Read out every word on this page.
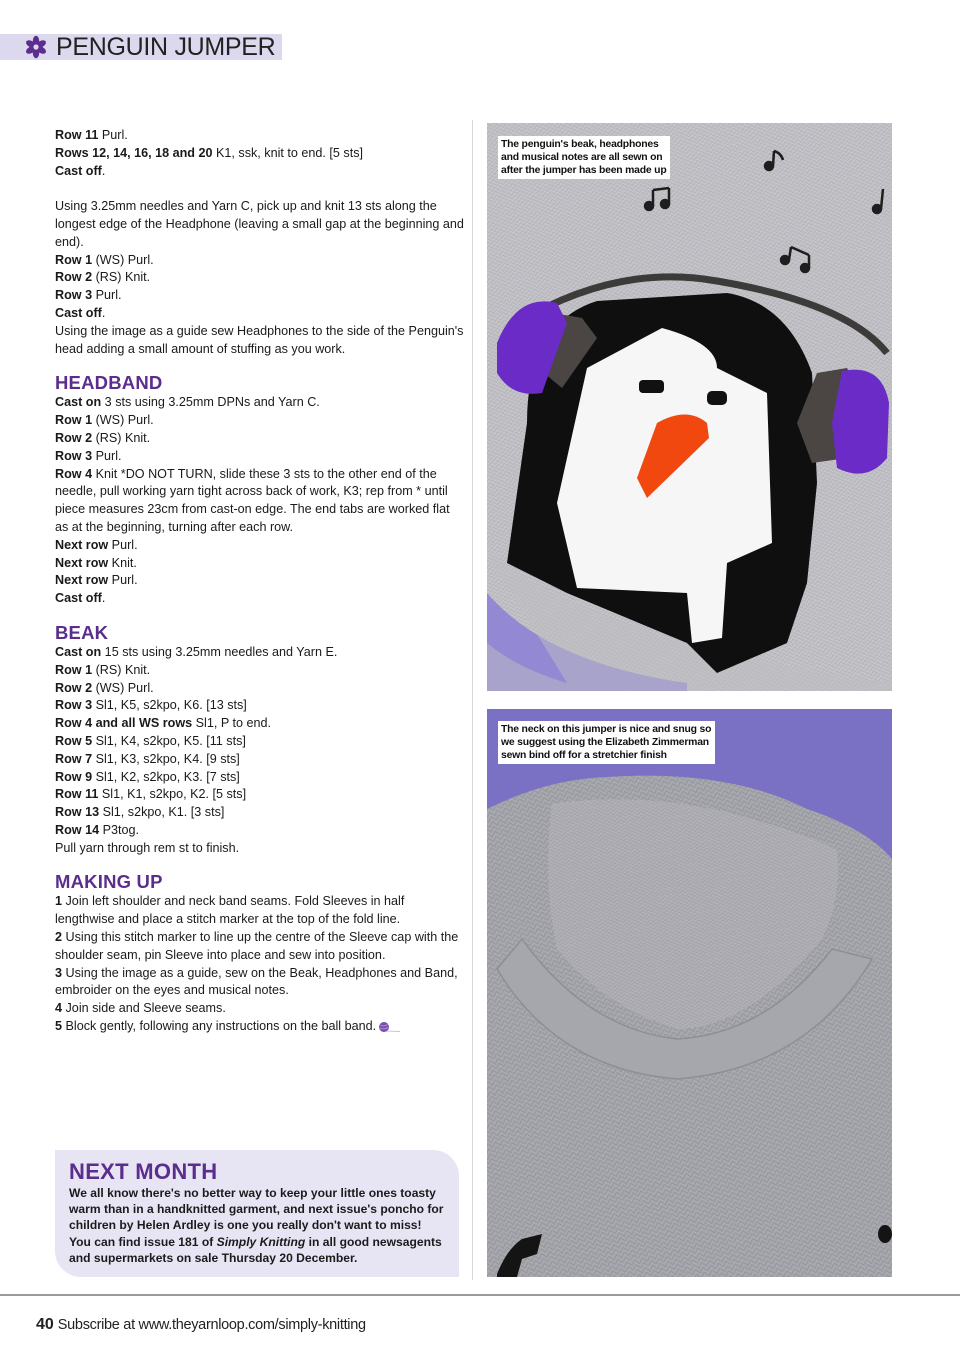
PENGUIN JUMPER

Row 11 Purl.

Rows 12, 14, 16, 18 and 20 K1, ssk, knit to end. [5 sts]

Cast off.

Using 3.25mm needles and Yarn C, pick up and knit 13 sts along the longest edge of the Headphone (leaving a small gap at the beginning and end).

Row 1 (WS) Purl.

Row 2 (RS) Knit.

Row 3 Purl.

Cast off.

Using the image as a guide sew Headphones to the side of the Penguin's head adding a small amount of stuffing as you work.

HEADBAND

Cast on 3 sts using 3.25mm DPNs and Yarn C.

Row 1 (WS) Purl.

Row 2 (RS) Knit.

Row 3 Purl.

Row 4 Knit *DO NOT TURN, slide these 3 sts to the other end of the needle, pull working yarn tight across back of work, K3; rep from * until piece measures 23cm from cast-on edge. The end tabs are worked flat as at the beginning, turning after each row.

Next row Purl.

Next row Knit.

Next row Purl.

Cast off.

BEAK

Cast on 15 sts using 3.25mm needles and Yarn E.

Row 1 (RS) Knit.

Row 2 (WS) Purl.

Row 3 Sl1, K5, s2kpo, K6. [13 sts]

Row 4 and all WS rows Sl1, P to end.

Row 5 Sl1, K4, s2kpo, K5. [11 sts]

Row 7 Sl1, K3, s2kpo, K4. [9 sts]

Row 9 Sl1, K2, s2kpo, K3. [7 sts]

Row 11 Sl1, K1, s2kpo, K2. [5 sts]

Row 13 Sl1, s2kpo, K1. [3 sts]

Row 14 P3tog.

Pull yarn through rem st to finish.

MAKING UP

1 Join left shoulder and neck band seams. Fold Sleeves in half lengthwise and place a stitch marker at the top of the fold line.

2 Using this stitch marker to line up the centre of the Sleeve cap with the shoulder seam, pin Sleeve into place and sew into position.

3 Using the image as a guide, sew on the Beak, Headphones and Band, embroider on the eyes and musical notes.

4 Join side and Sleeve seams.

5 Block gently, following any instructions on the ball band.

NEXT MONTH

We all know there's no better way to keep your little ones toasty warm than in a handknitted garment, and next issue's poncho for children by Helen Ardley is one you really don't want to miss! You can find issue 181 of Simply Knitting in all good newsagents and supermarkets on sale Thursday 20 December.

The penguin's beak, headphones
and musical notes are all sewn on
after the jumper has been made up
The neck on this jumper is nice and snug so
we suggest using the Elizabeth Zimmerman
sewn bind off for a stretchier finish
40 Subscribe at www.theyarnloop.com/simply-knitting
